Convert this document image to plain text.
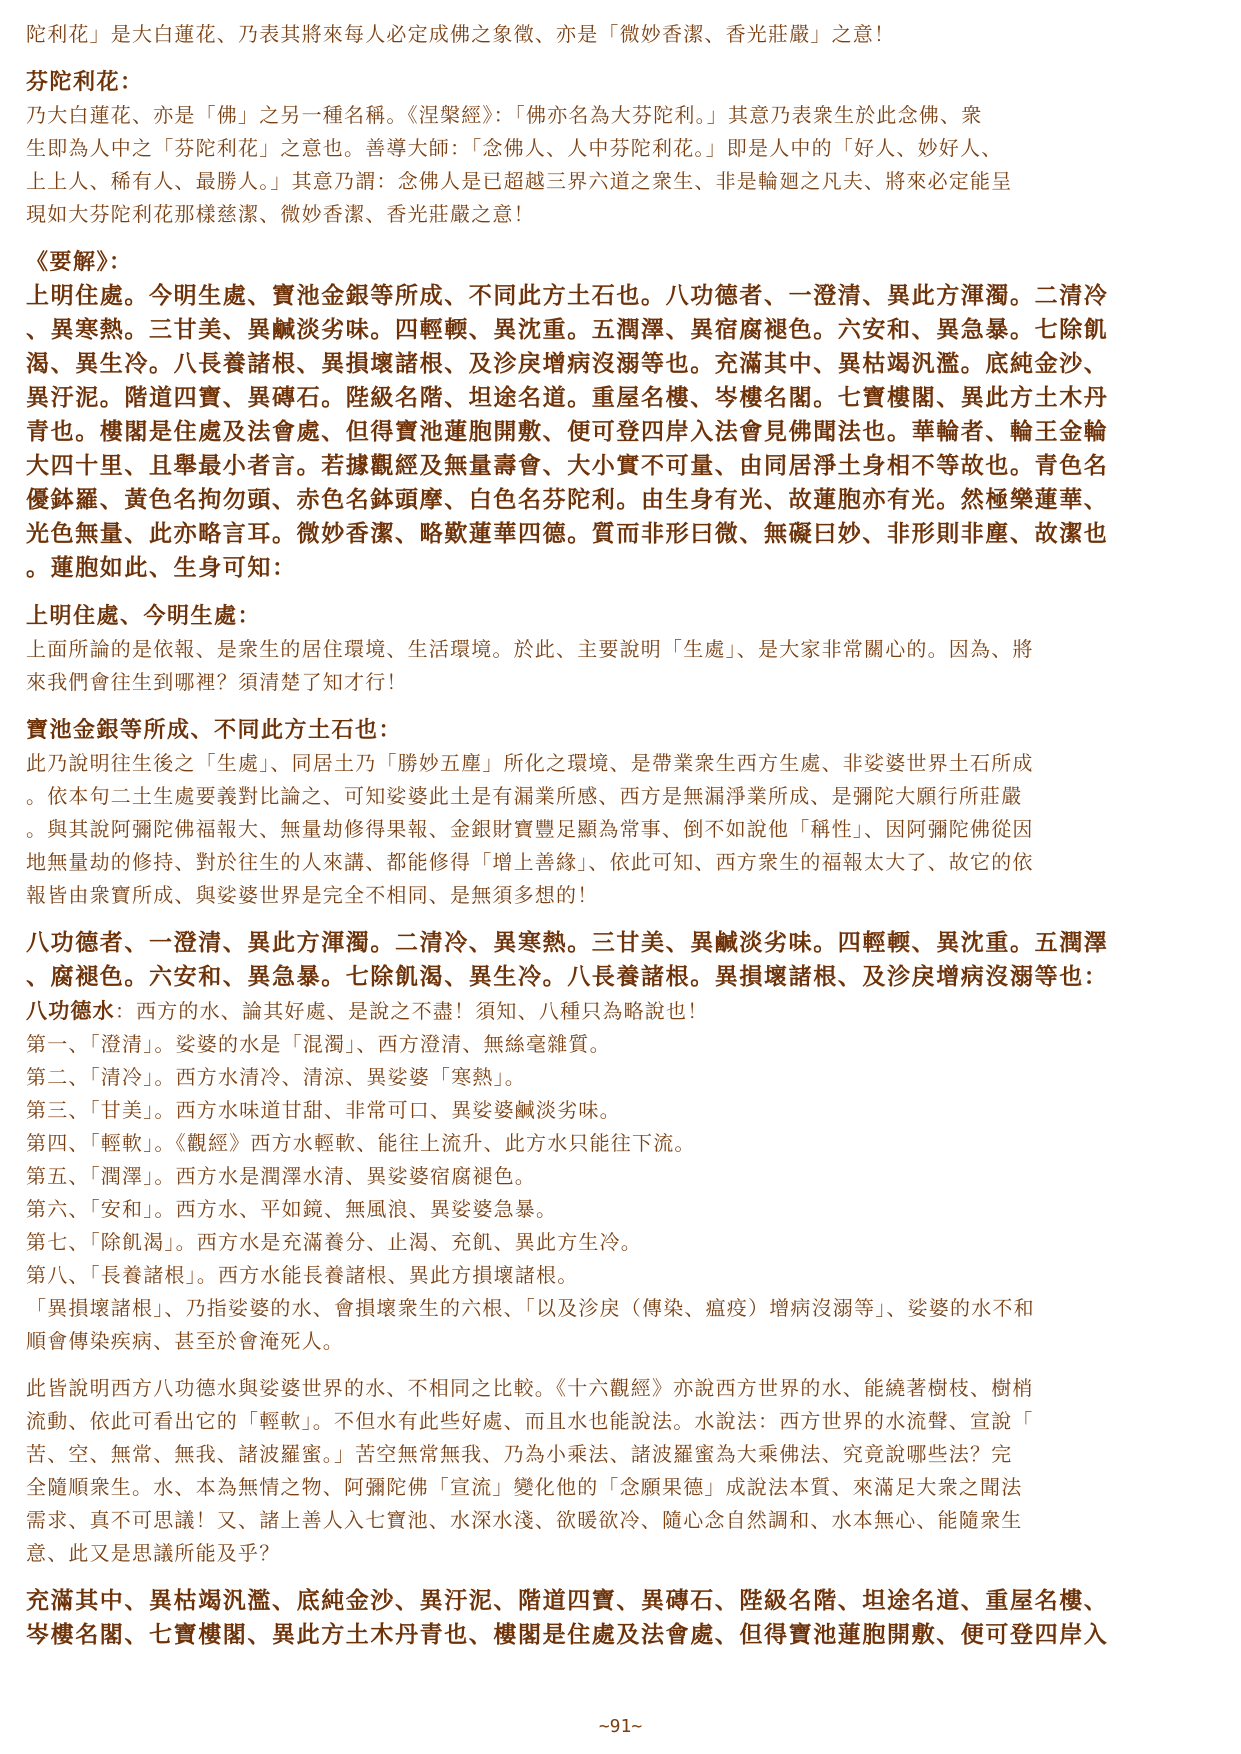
陀利花」是大白蓮花、乃表其將來每人必定成佛之象徵、亦是「微妙香潔、香光莊嚴」之意！

芬陀利花：

乃大白蓮花、亦是「佛」之另一種名稱。《涅槃經》：「佛亦名為大芬陀利。」其意乃表衆生於此念佛、衆

生即為人中之「芬陀利花」之意也。善導大師：「念佛人、人中芬陀利花。」即是人中的「好人、妙好人、

上上人、稀有人、最勝人。」其意乃謂：念佛人是已超越三界六道之衆生、非是輪廻之凡夫、將來必定能呈

現如大芬陀利花那樣慈潔、微妙香潔、香光莊嚴之意！

《要解》：

上明住處。今明生處、寶池金銀等所成、不同此方土石也。八功德者、一澄清、異此方渾濁。二清冷

、異寒熱。三甘美、異鹹淡劣味。四輕輭、異沈重。五潤澤、異宿腐褪色。六安和、異急暴。七除飢

渴、異生冷。八長養諸根、異損壞諸根、及沴戾增病沒溺等也。充滿其中、異枯竭汎濫。底純金沙、

異汙泥。階道四寶、異磚石。陛級名階、坦途名道。重屋名樓、岑樓名閣。七寶樓閣、異此方土木丹

青也。樓閣是住處及法會處、但得寶池蓮胞開敷、便可登四岸入法會見佛聞法也。華輪者、輪王金輪

大四十里、且舉最小者言。若據觀經及無量壽會、大小實不可量、由同居淨土身相不等故也。青色名

優鉢羅、黃色名拘勿頭、赤色名鉢頭摩、白色名芬陀利。由生身有光、故蓮胞亦有光。然極樂蓮華、

光色無量、此亦略言耳。微妙香潔、略歎蓮華四德。質而非形曰微、無礙曰妙、非形則非塵、故潔也

。蓮胞如此、生身可知：

上明住處、今明生處：

上面所論的是依報、是衆生的居住環境、生活環境。於此、主要說明「生處」、是大家非常關心的。因為、將

來我們會往生到哪裡？須清楚了知才行！

寶池金銀等所成、不同此方土石也：

此乃說明往生後之「生處」、同居土乃「勝妙五塵」所化之環境、是帶業衆生西方生處、非娑婆世界土石所成

。依本句二土生處要義對比論之、可知娑婆此土是有漏業所感、西方是無漏淨業所成、是彌陀大願行所莊嚴

。與其說阿彌陀佛福報大、無量劫修得果報、金銀財寶豐足顯為常事、倒不如說他「稱性」、因阿彌陀佛從因

地無量劫的修持、對於往生的人來講、都能修得「增上善緣」、依此可知、西方衆生的福報太大了、故它的依

報皆由衆寶所成、與娑婆世界是完全不相同、是無須多想的！

八功德者、一澄清、異此方渾濁。二清冷、異寒熱。三甘美、異鹹淡劣味。四輕輭、異沈重。五潤澤

、腐褪色。六安和、異急暴。七除飢渴、異生冷。八長養諸根。異損壞諸根、及沴戾增病沒溺等也：

八功德水：西方的水、論其好處、是說之不盡！須知、八種只為略說也！

第一、「澄清」。娑婆的水是「混濁」、西方澄清、無絲毫雜質。

第二、「清冷」。西方水清冷、清涼、異娑婆「寒熱」。

第三、「甘美」。西方水味道甘甜、非常可口、異娑婆鹹淡劣味。

第四、「輕軟」。《觀經》西方水輕軟、能往上流升、此方水只能往下流。

第五、「潤澤」。西方水是潤澤水清、異娑婆宿腐褪色。

第六、「安和」。西方水、平如鏡、無風浪、異娑婆急暴。

第七、「除飢渴」。西方水是充滿養分、止渴、充飢、異此方生冷。

第八、「長養諸根」。西方水能長養諸根、異此方損壞諸根。

「異損壞諸根」、乃指娑婆的水、會損壞衆生的六根、「以及沴戾（傳染、瘟疫）增病沒溺等」、娑婆的水不和

順會傳染疾病、甚至於會淹死人。

此皆說明西方八功德水與娑婆世界的水、不相同之比較。《十六觀經》亦說西方世界的水、能繞著樹枝、樹梢

流動、依此可看出它的「輕軟」。不但水有此些好處、而且水也能說法。水說法：西方世界的水流聲、宣說「

苦、空、無常、無我、諸波羅蜜。」苦空無常無我、乃為小乘法、諸波羅蜜為大乘佛法、究竟說哪些法？完

全隨順衆生。水、本為無情之物、阿彌陀佛「宣流」變化他的「念願果德」成說法本質、來滿足大衆之聞法

需求、真不可思議！又、諸上善人入七寶池、水深水淺、欲暖欲冷、隨心念自然調和、水本無心、能隨衆生

意、此又是思議所能及乎？

充滿其中、異枯竭汎濫、底純金沙、異汙泥、階道四寶、異磚石、陛級名階、坦途名道、重屋名樓、

岑樓名閣、七寶樓閣、異此方土木丹青也、樓閣是住處及法會處、但得寶池蓮胞開敷、便可登四岸入

~91~
